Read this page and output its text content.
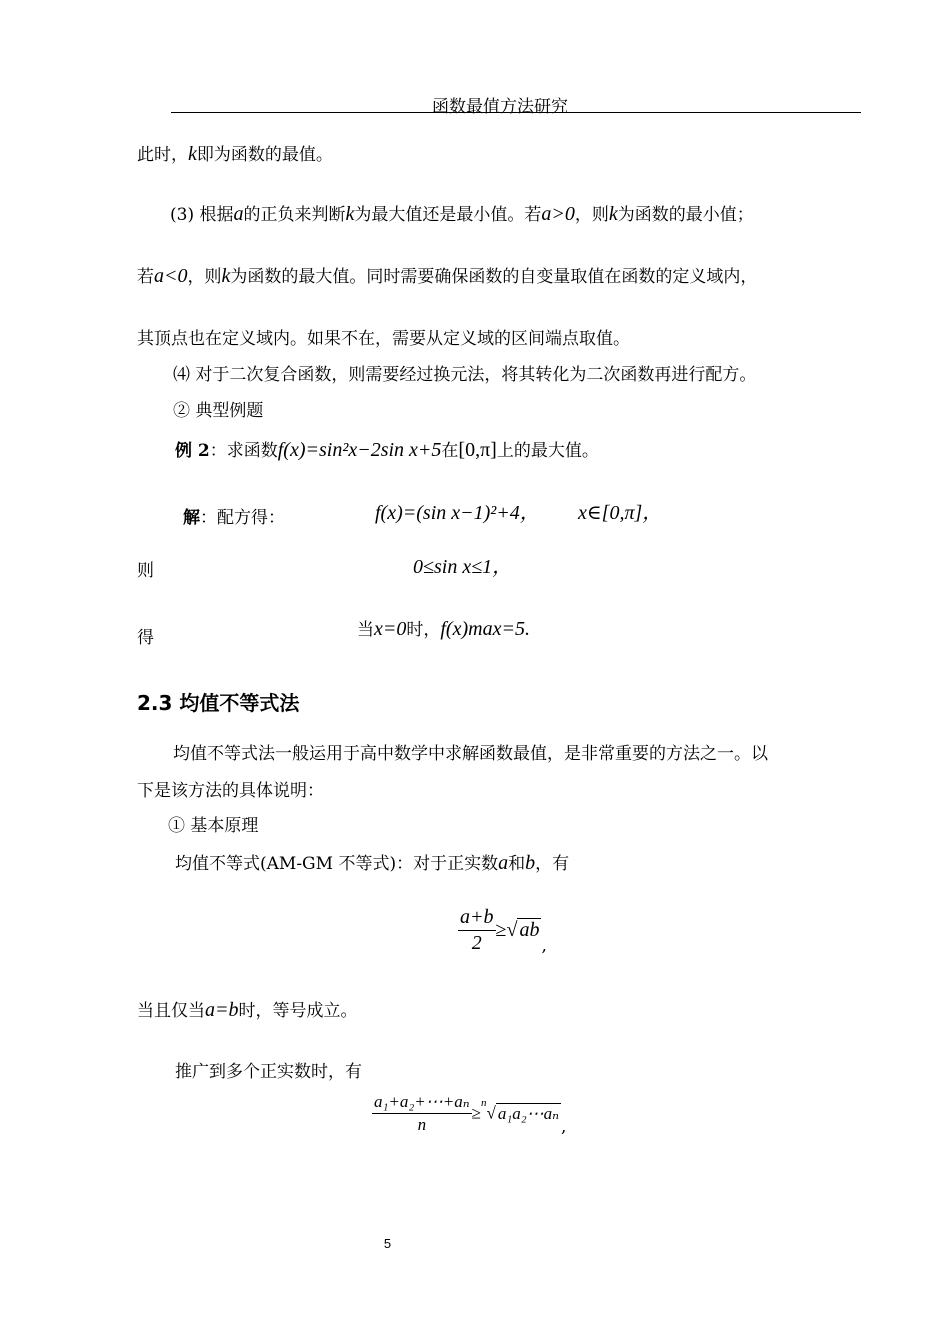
函数最值方法研究
此时，k即为函数的最值。
(3) 根据a的正负来判断k为最大值还是最小值。若a>0，则k为函数的最小值；
若a<0，则k为函数的最大值。同时需要确保函数的自变量取值在函数的定义域内，
其顶点也在定义域内。如果不在，需要从定义域的区间端点取值。
⑷ 对于二次复合函数，则需要经过换元法，将其转化为二次函数再进行配方。
② 典型例题
例 2：求函数f(x)=sin²x−2sin x+5在[0,π]上的最大值。
解：配方得：	f(x)=(sin x−1)²+4， x∈[0,π]，
则	0≤sin x≤1，
得	当x=0时，f(x)max=5.
2.3 均值不等式法
均值不等式法一般运用于高中数学中求解函数最值，是非常重要的方法之一。以
下是该方法的具体说明：
① 基本原理
均值不等式(AM-GM 不等式)：对于正实数a和b，有
$\frac{a+b}{2}$ ≥√ ab,
当且仅当a=b时，等号成立。
推广到多个正实数时，有
$\frac{\text{a₁+a₂+⋯+aₙ}}{n} \ge^n√$ a₁a₂⋯aₙ,
5
